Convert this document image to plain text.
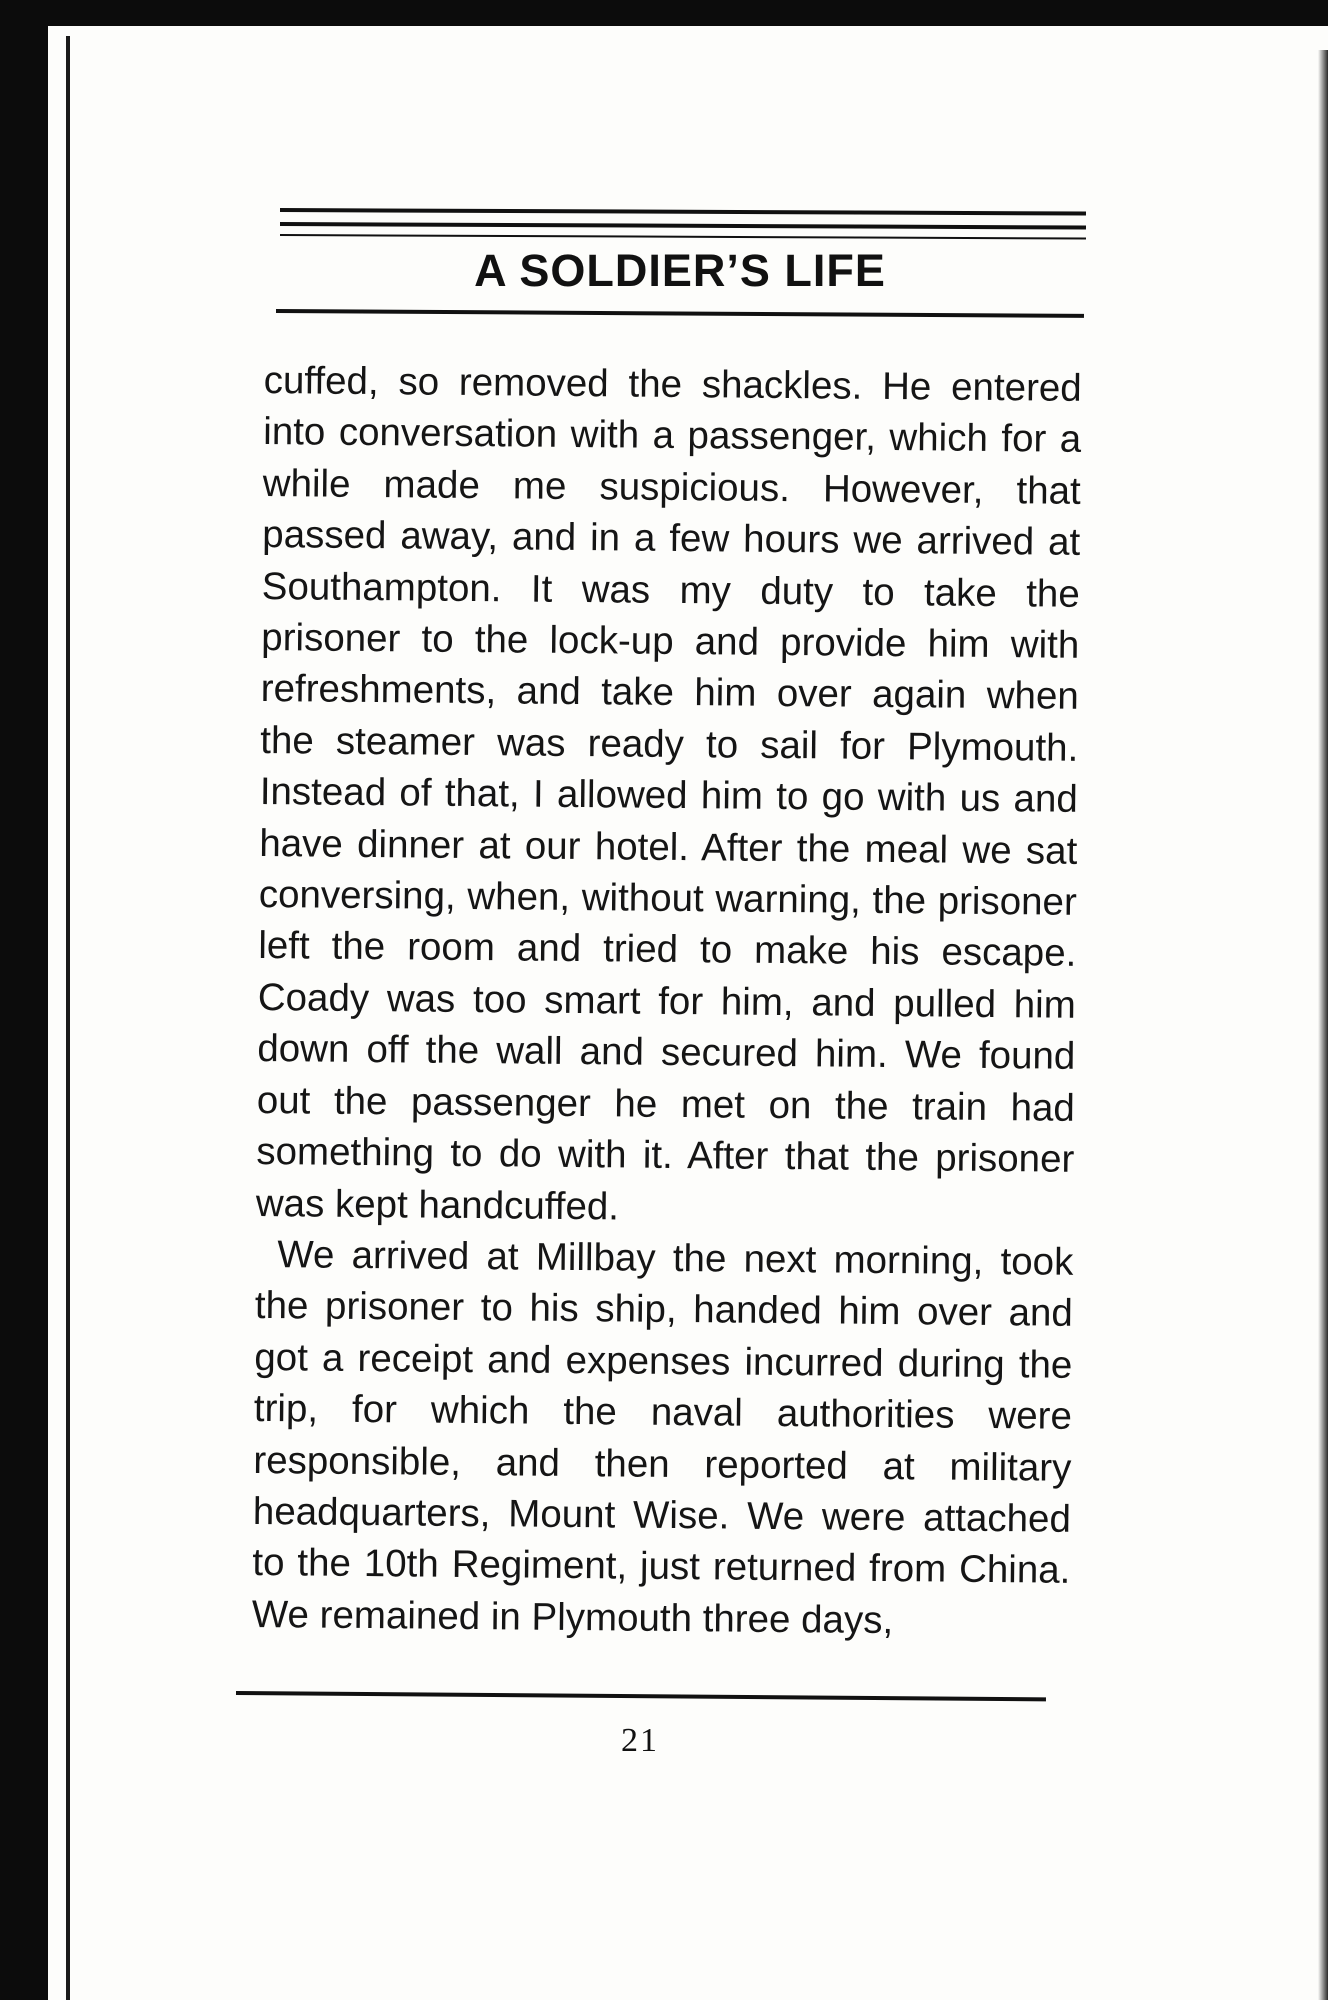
A SOLDIER’S LIFE

cuffed, so removed the shackles. He entered into conversation with a passenger, which for a while made me suspicious. However, that passed away, and in a few hours we arrived at Southampton. It was my duty to take the prisoner to the lock-up and provide him with refreshments, and take him over again when the steamer was ready to sail for Plymouth. Instead of that, I allowed him to go with us and have dinner at our hotel. After the meal we sat conversing, when, without warning, the prisoner left the room and tried to make his escape. Coady was too smart for him, and pulled him down off the wall and secured him. We found out the passenger he met on the train had something to do with it. After that the prisoner was kept handcuffed.

We arrived at Millbay the next morning, took the prisoner to his ship, handed him over and got a receipt and expenses incurred during the trip, for which the naval authorities were responsible, and then reported at military headquarters, Mount Wise. We were attached to the 10th Regiment, just returned from China. We remained in Plymouth three days,

21
